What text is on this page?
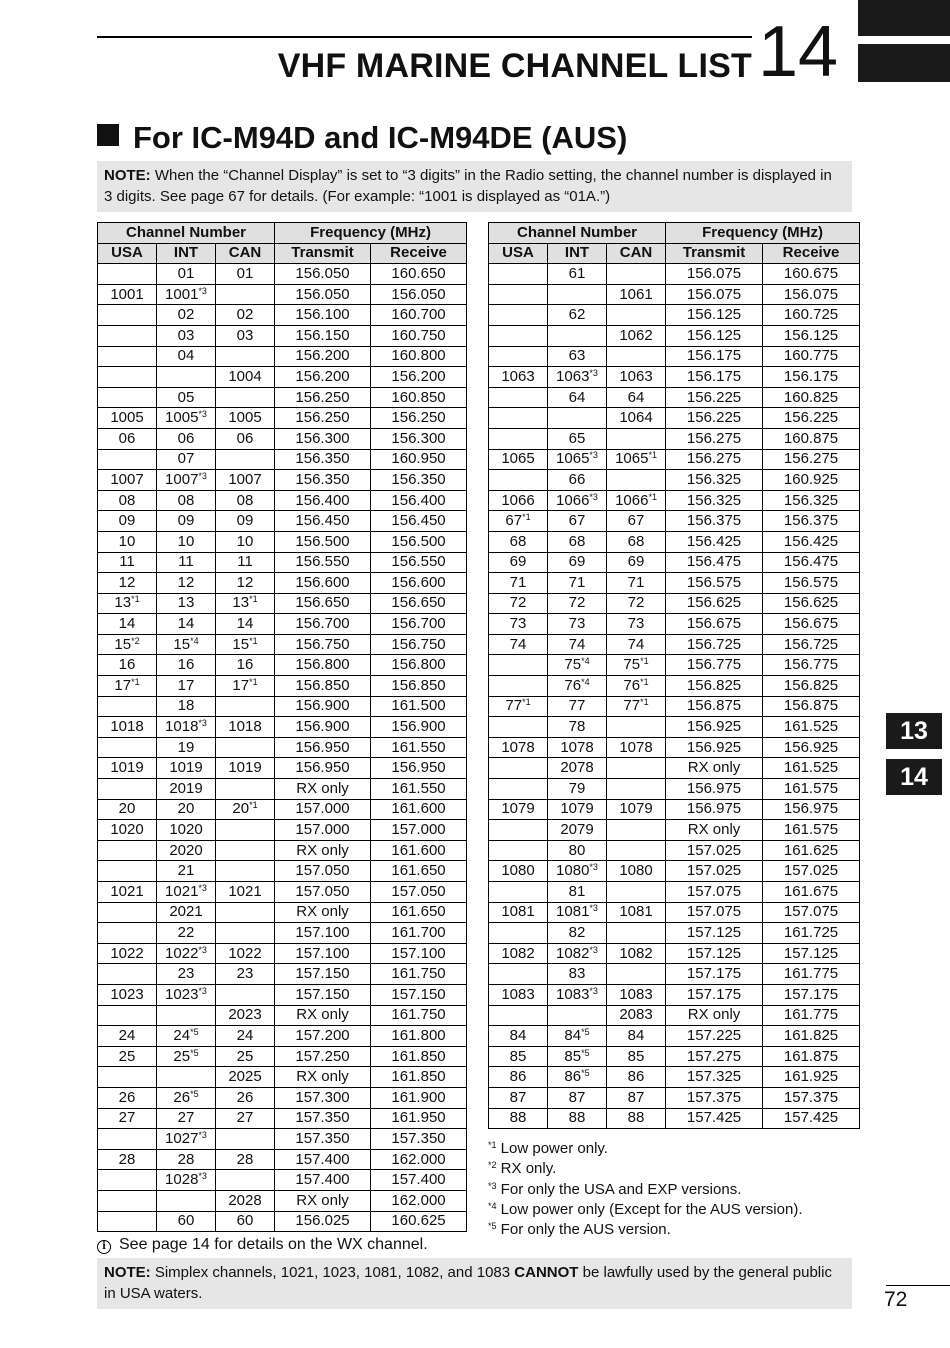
VHF MARINE CHANNEL LIST 14
For IC-M94D and IC-M94DE (AUS)
NOTE: When the “Channel Display” is set to “3 digits” in the Radio setting, the channel number is displayed in 3 digits. See page 67 for details. (For example: “1001 is displayed as “01A.”)
Channel Number			Frequency (MHz)	
USA	INT	CAN	Transmit	Receive
	01	01	156.050	160.650
1001	1001$^{*3}$		156.050	156.050
	02	02	156.100	160.700
	03	03	156.150	160.750
	04		156.200	160.800
		1004	156.200	156.200
	05		156.250	160.850
1005	1005$^{*3}$	1005	156.250	156.250
06	06	06	156.300	156.300
	07		156.350	160.950
1007	1007$^{*3}$	1007	156.350	156.350
08	08	08	156.400	156.400
09	09	09	156.450	156.450
10	10	10	156.500	156.500
11	11	11	156.550	156.550
12	12	12	156.600	156.600
13$^{*1}$	13	13$^{*1}$	156.650	156.650
14	14	14	156.700	156.700
15$^{*2}$	15$^{*4}$	15$^{*1}$	156.750	156.750
16	16	16	156.800	156.800
17$^{*1}$	17	17$^{*1}$	156.850	156.850
	18		156.900	161.500
1018	1018$^{*3}$	1018	156.900	156.900
	19		156.950	161.550
1019	1019	1019	156.950	156.950
	2019		RX only	161.550
20	20	20$^{*1}$	157.000	161.600
1020	1020		157.000	157.000
	2020		RX only	161.600
	21		157.050	161.650
1021	1021$^{*3}$	1021	157.050	157.050
	2021		RX only	161.650
	22		157.100	161.700
1022	1022$^{*3}$	1022	157.100	157.100
	23	23	157.150	161.750
1023	1023$^{*3}$		157.150	157.150
		2023	RX only	161.750
24	24$^{*5}$	24	157.200	161.800
25	25$^{*5}$	25	157.250	161.850
		2025	RX only	161.850
26	26$^{*5}$	26	157.300	161.900
27	27	27	157.350	161.950
	1027$^{*3}$		157.350	157.350
28	28	28	157.400	162.000
	1028$^{*3}$		157.400	157.400
		2028	RX only	162.000
	60	60	156.025	160.625
Channel Number			Frequency (MHz)	
USA	INT	CAN	Transmit	Receive
	61		156.075	160.675
		1061	156.075	156.075
	62		156.125	160.725
		1062	156.125	156.125
	63		156.175	160.775
1063	1063$^{*3}$	1063	156.175	156.175
	64	64	156.225	160.825
		1064	156.225	156.225
	65		156.275	160.875
1065	1065$^{*3}$	1065$^{*1}$	156.275	156.275
	66		156.325	160.925
1066	1066$^{*3}$	1066$^{*1}$	156.325	156.325
67$^{*1}$	67	67	156.375	156.375
68	68	68	156.425	156.425
69	69	69	156.475	156.475
71	71	71	156.575	156.575
72	72	72	156.625	156.625
73	73	73	156.675	156.675
74	74	74	156.725	156.725
	75$^{*4}$	75$^{*1}$	156.775	156.775
	76$^{*4}$	76$^{*1}$	156.825	156.825
77$^{*1}$	77	77$^{*1}$	156.875	156.875
	78		156.925	161.525
1078	1078	1078	156.925	156.925
	2078		RX only	161.525
	79		156.975	161.575
1079	1079	1079	156.975	156.975
	2079		RX only	161.575
	80		157.025	161.625
1080	1080$^{*3}$	1080	157.025	157.025
	81		157.075	161.675
1081	1081$^{*3}$	1081	157.075	157.075
	82		157.125	161.725
1082	1082$^{*3}$	1082	157.125	157.125
	83		157.175	161.775
1083	1083$^{*3}$	1083	157.175	157.175
		2083	RX only	161.775
84	84$^{*5}$	84	157.225	161.825
85	85$^{*5}$	85	157.275	161.875
86	86$^{*5}$	86	157.325	161.925
87	87	87	157.375	157.375
88	88	88	157.425	157.425
$^{*1}$ Low power only.
$^{*2}$ RX only.
$^{*3}$ For only the USA and EXP versions.
$^{*4}$ Low power only (Except for the AUS version).
$^{*5}$ For only the AUS version.
i See page 14 for details on the WX channel.
NOTE: Simplex channels, 1021, 1023, 1081, 1082, and 1083 CANNOT be lawfully used by the general public in USA waters.
13
14
72
